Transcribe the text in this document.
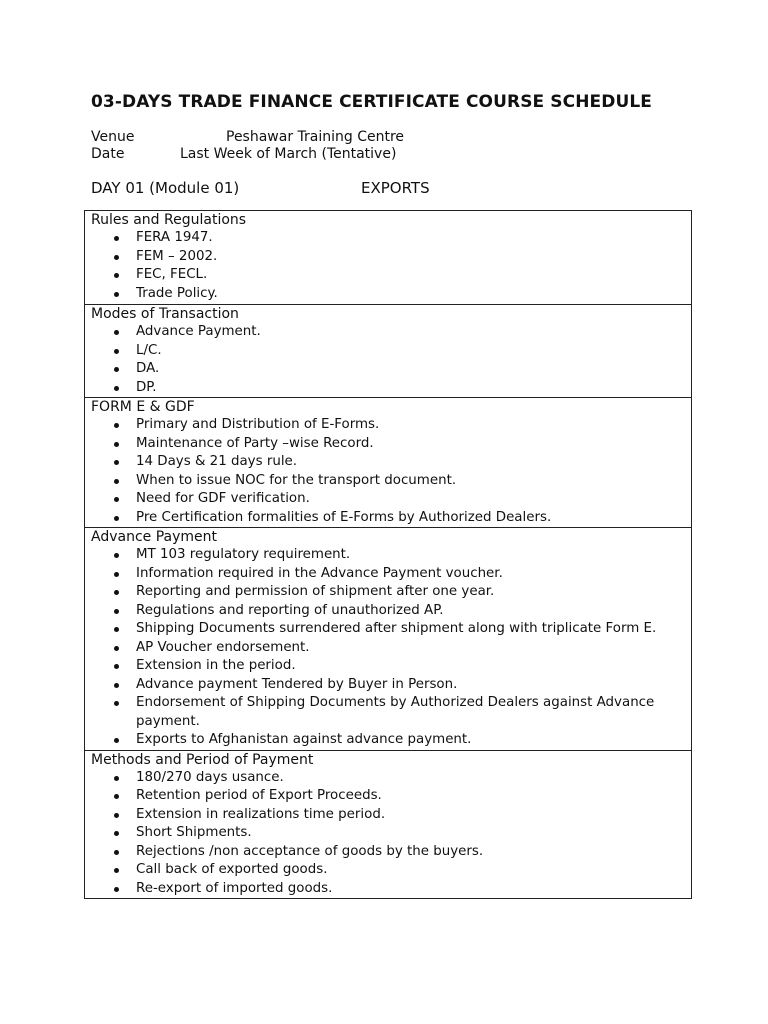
03-DAYS TRADE FINANCE CERTIFICATE COURSE SCHEDULE
Venue	Peshawar Training Centre
Date	Last Week of March (Tentative)
DAY 01 (Module 01)	EXPORTS
Rules and Regulations
FERA 1947.
FEM – 2002.
FEC, FECL.
Trade Policy.
Modes of Transaction
Advance Payment.
L/C.
DA.
DP.
FORM E & GDF
Primary and Distribution of E-Forms.
Maintenance of Party –wise Record.
14 Days & 21 days rule.
When to issue NOC for the transport document.
Need for GDF verification.
Pre Certification formalities of E-Forms by Authorized Dealers.
Advance Payment
MT 103 regulatory requirement.
Information required in the Advance Payment voucher.
Reporting and permission of shipment after one year.
Regulations and reporting of unauthorized AP.
Shipping Documents surrendered after shipment along with triplicate Form E.
AP Voucher endorsement.
Extension in the period.
Advance payment Tendered by Buyer in Person.
Endorsement of Shipping Documents by Authorized Dealers against Advance payment.
Exports to Afghanistan against advance payment.
Methods and Period of Payment
180/270 days usance.
Retention period of Export Proceeds.
Extension in realizations time period.
Short Shipments.
Rejections /non acceptance of goods by the buyers.
Call back of exported goods.
Re-export of imported goods.
